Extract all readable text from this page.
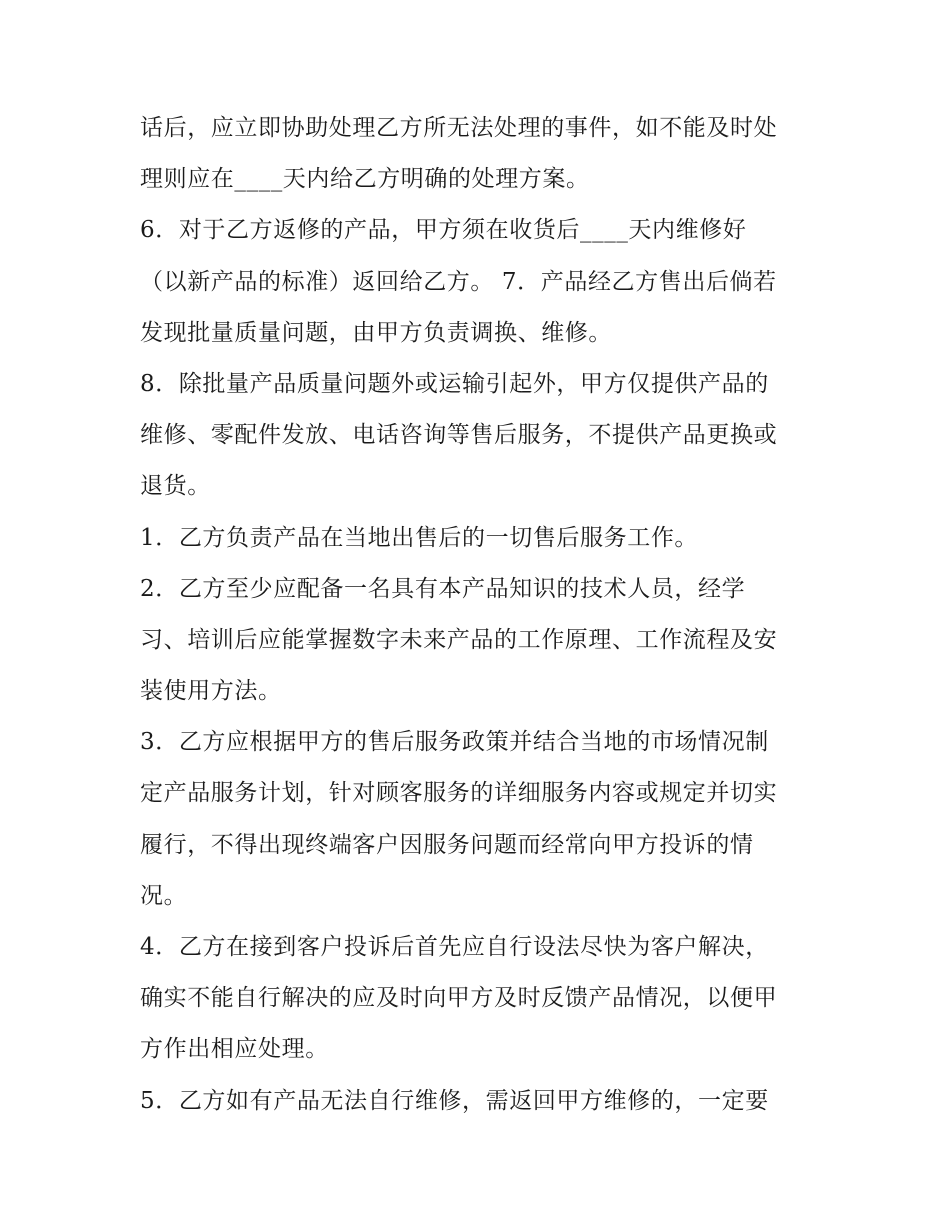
话后，应立即协助处理乙方所无法处理的事件，如不能及时处
理则应在____天内给乙方明确的处理方案。
6．对于乙方返修的产品，甲方须在收货后____天内维修好
（以新产品的标准）返回给乙方。 7．产品经乙方售出后倘若
发现批量质量问题，由甲方负责调换、维修。
8．除批量产品质量问题外或运输引起外，甲方仅提供产品的
维修、零配件发放、电话咨询等售后服务，不提供产品更换或
退货。
1．乙方负责产品在当地出售后的一切售后服务工作。
2．乙方至少应配备一名具有本产品知识的技术人员，经学
习、培训后应能掌握数字未来产品的工作原理、工作流程及安
装使用方法。
3．乙方应根据甲方的售后服务政策并结合当地的市场情况制
定产品服务计划，针对顾客服务的详细服务内容或规定并切实
履行，不得出现终端客户因服务问题而经常向甲方投诉的情
况。
4．乙方在接到客户投诉后首先应自行设法尽快为客户解决，
确实不能自行解决的应及时向甲方及时反馈产品情况，以便甲
方作出相应处理。
5．乙方如有产品无法自行维修，需返回甲方维修的，一定要
